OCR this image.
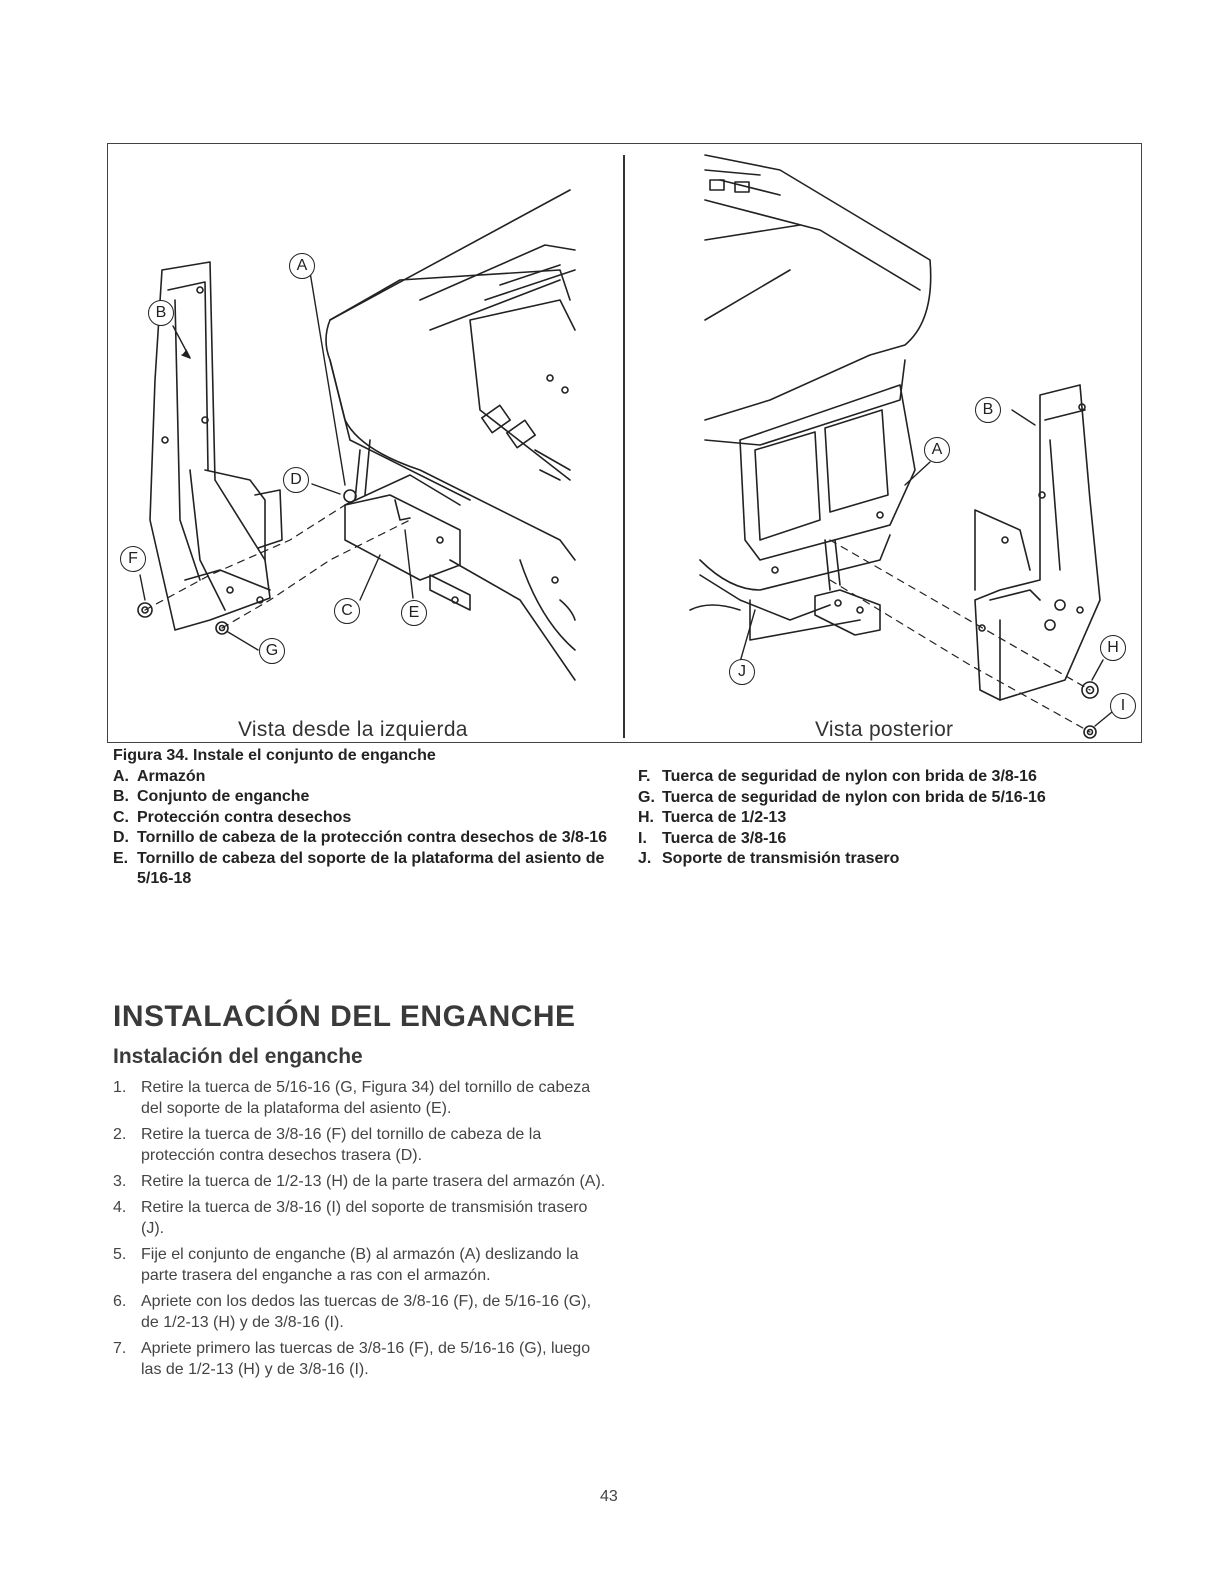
B
A
D
F
C	E
G
B
A
H
I
J
Vista desde la izquierda	Vista posterior
Figura 34. Instale el conjunto de enganche
A. Armazón
B. Conjunto de enganche
C. Protección contra desechos
D. Tornillo de cabeza de la protección contra desechos de 3/8-16
E. Tornillo de cabeza del soporte de la plataforma del asiento de 5/16-18
F. Tuerca de seguridad de nylon con brida de 3/8-16
G. Tuerca de seguridad de nylon con brida de 5/16-16
H. Tuerca de 1/2-13
I. Tuerca de 3/8-16
J. Soporte de transmisión trasero
INSTALACIÓN DEL ENGANCHE
Instalación del enganche
1. Retire la tuerca de 5/16-16 (G, Figura 34) del tornillo de cabeza del soporte de la plataforma del asiento (E).
2. Retire la tuerca de 3/8-16 (F) del tornillo de cabeza de la protección contra desechos trasera (D).
3. Retire la tuerca de 1/2-13 (H) de la parte trasera del armazón (A).
4. Retire la tuerca de 3/8-16 (I) del soporte de transmisión trasero (J).
5. Fije el conjunto de enganche (B) al armazón (A) deslizando la parte trasera del enganche a ras con el armazón.
6. Apriete con los dedos las tuercas de 3/8-16 (F), de 5/16-16 (G), de 1/2-13 (H) y de 3/8-16 (I).
7. Apriete primero las tuercas de 3/8-16 (F), de 5/16-16 (G), luego las de 1/2-13 (H) y de 3/8-16 (I).
43
